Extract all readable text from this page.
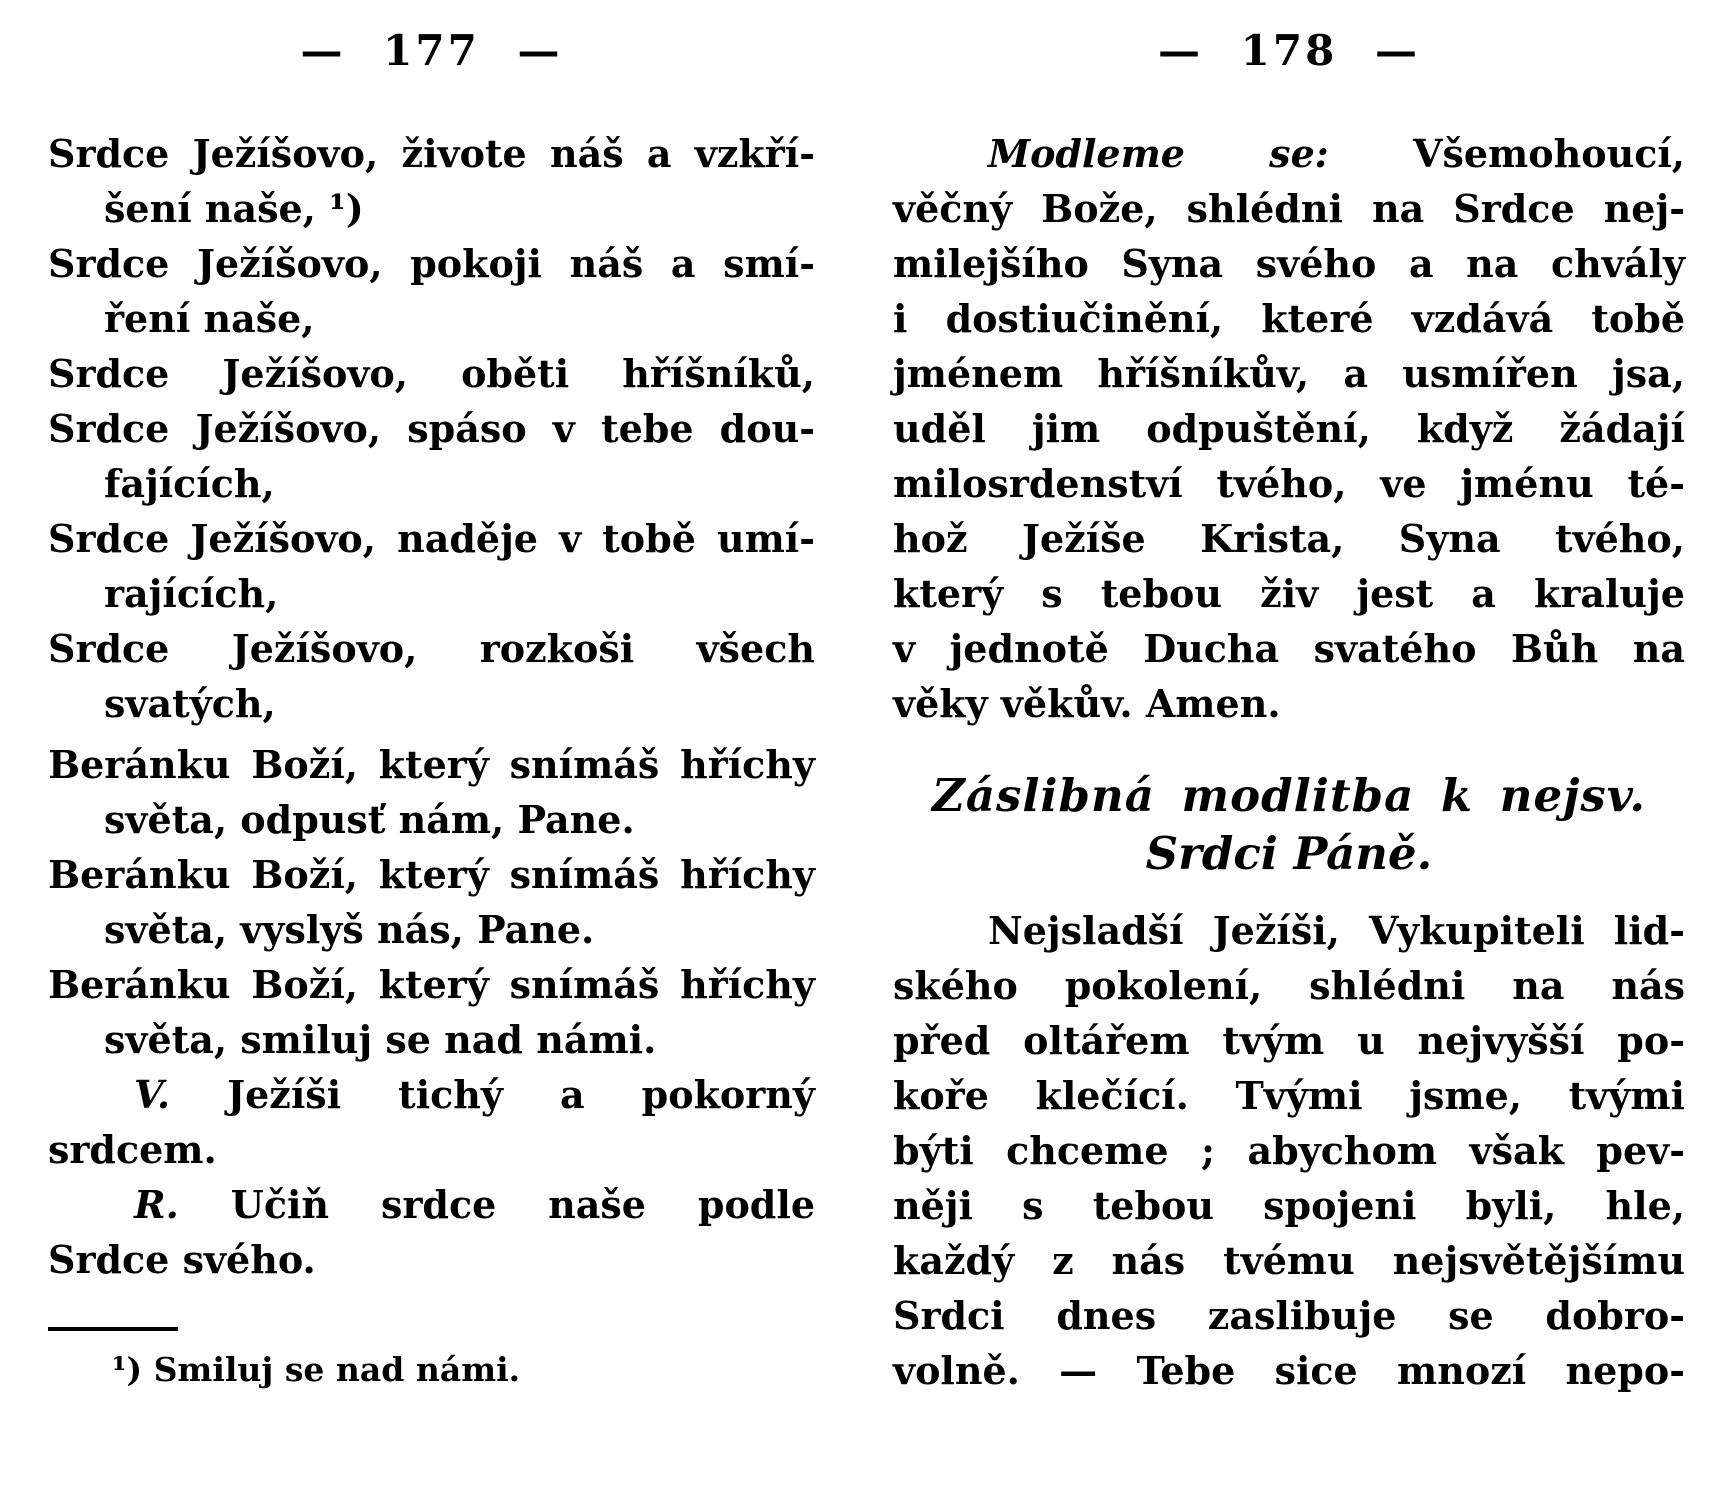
— 177 —	— 178 —
Srdce Ježíšovo, živote náš a vzkří-
šení naše, ¹)
Srdce Ježíšovo, pokoji náš a smí-
ření naše,
Srdce Ježíšovo, oběti hříšníků,
Srdce Ježíšovo, spáso v tebe dou-
fajících,
Srdce Ježíšovo, naděje v tobě umí-
rajících,
Srdce Ježíšovo, rozkoši všech
svatých,
Beránku Boží, který snímáš hříchy
světa, odpusť nám, Pane.
Beránku Boží, který snímáš hříchy
světa, vyslyš nás, Pane.
Beránku Boží, který snímáš hříchy
světa, smiluj se nad námi.
V. Ježíši tichý a pokorný
srdcem.
R. Učiň srdce naše podle
Srdce svého.
¹) Smiluj se nad námi.
Modleme se: Všemohoucí,
věčný Bože, shlédni na Srdce nej-
milejšího Syna svého a na chvály
i dostiučinění, které vzdává tobě
jménem hříšníkův, a usmířen jsa,
uděl jim odpuštění, když žádají
milosrdenství tvého, ve jménu té-
hož Ježíše Krista, Syna tvého,
který s tebou živ jest a kraluje
v jednotě Ducha svatého Bůh na
věky věkův. Amen.
Záslibná modlitba k nejsv.
Srdci Páně.
Nejsladší Ježíši, Vykupiteli lid-
ského pokolení, shlédni na nás
před oltářem tvým u nejvyšší po-
koře klečící. Tvými jsme, tvými
býti chceme ; abychom však pev-
něji s tebou spojeni byli, hle,
každý z nás tvému nejsvětějšímu
Srdci dnes zaslibuje se dobro-
volně. — Tebe sice mnozí nepo-
